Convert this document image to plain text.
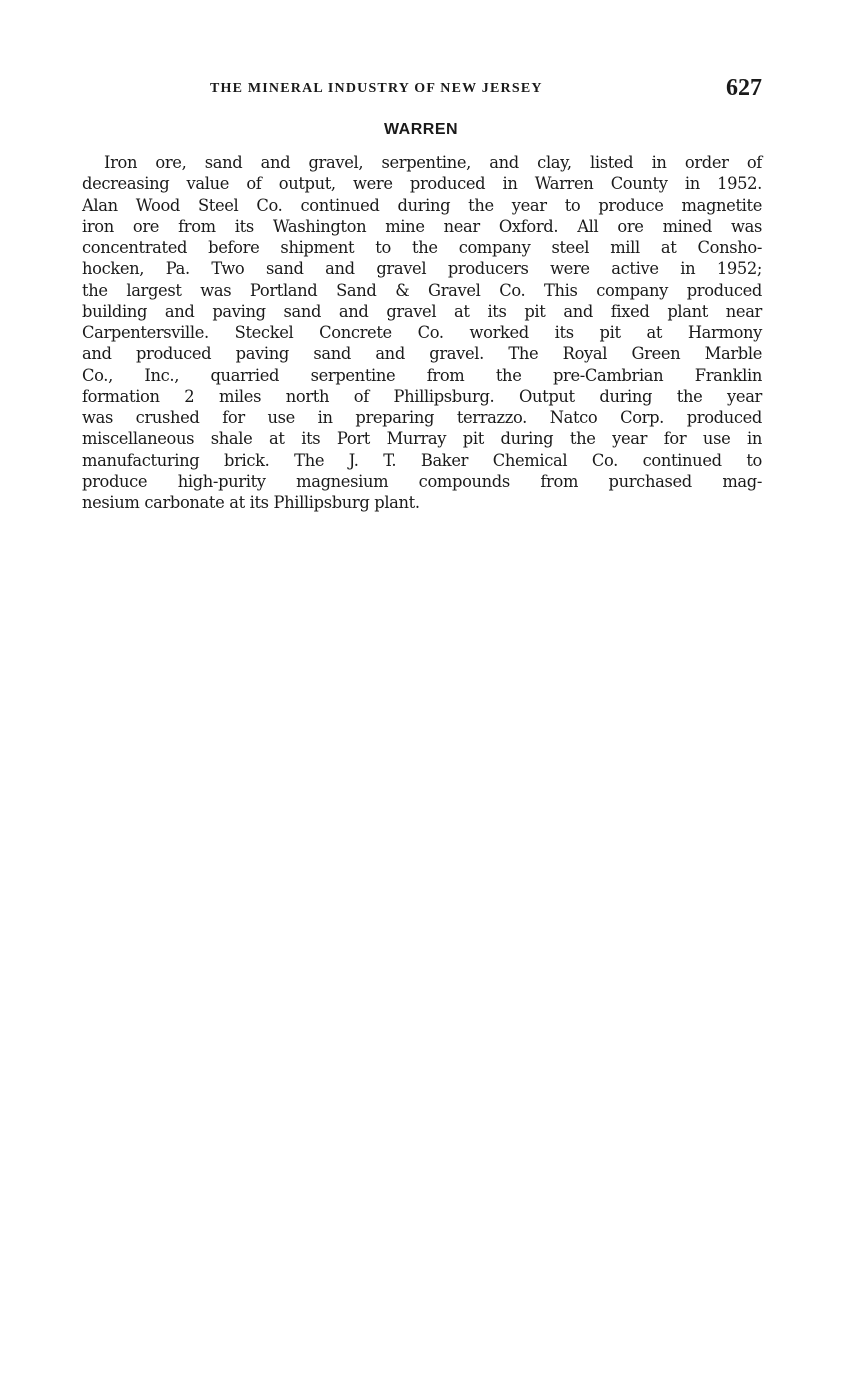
THE MINERAL INDUSTRY OF NEW JERSEY	627
WARREN
Iron ore, sand and gravel, serpentine, and clay, listed in order of
decreasing value of output, were produced in Warren County in 1952.
Alan Wood Steel Co. continued during the year to produce magnetite
iron ore from its Washington mine near Oxford. All ore mined was
concentrated before shipment to the company steel mill at Consho-
hocken, Pa. Two sand and gravel producers were active in 1952;
the largest was Portland Sand & Gravel Co. This company produced
building and paving sand and gravel at its pit and fixed plant near
Carpentersville. Steckel Concrete Co. worked its pit at Harmony
and produced paving sand and gravel. The Royal Green Marble
Co., Inc., quarried serpentine from the pre-Cambrian Franklin
formation 2 miles north of Phillipsburg. Output during the year
was crushed for use in preparing terrazzo. Natco Corp. produced
miscellaneous shale at its Port Murray pit during the year for use in
manufacturing brick. The J. T. Baker Chemical Co. continued to
produce high-purity magnesium compounds from purchased mag-
nesium carbonate at its Phillipsburg plant.
